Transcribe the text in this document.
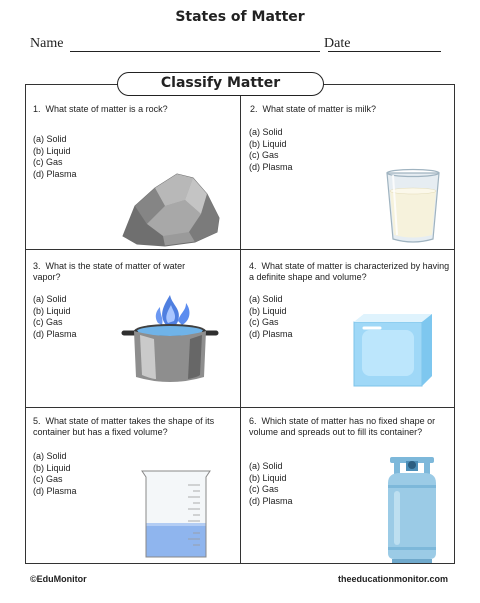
States of Matter
Name	Date
Classify Matter
1. What state of matter is a rock?
(a) Solid
(b) Liquid
(c) Gas
(d) Plasma
2. What state of matter is milk?
(a) Solid
(b) Liquid
(c) Gas
(d) Plasma
3. What is the state of matter of water vapor?
(a) Solid
(b) Liquid
(c) Gas
(d) Plasma
4. What state of matter is characterized by having a definite shape and volume?
(a) Solid
(b) Liquid
(c) Gas
(d) Plasma
5. What state of matter takes the shape of its container but has a fixed volume?
(a) Solid
(b) Liquid
(c) Gas
(d) Plasma
6. Which state of matter has no fixed shape or volume and spreads out to fill its container?
(a) Solid
(b) Liquid
(c) Gas
(d) Plasma
©EduMonitor	theeducationmonitor.com
